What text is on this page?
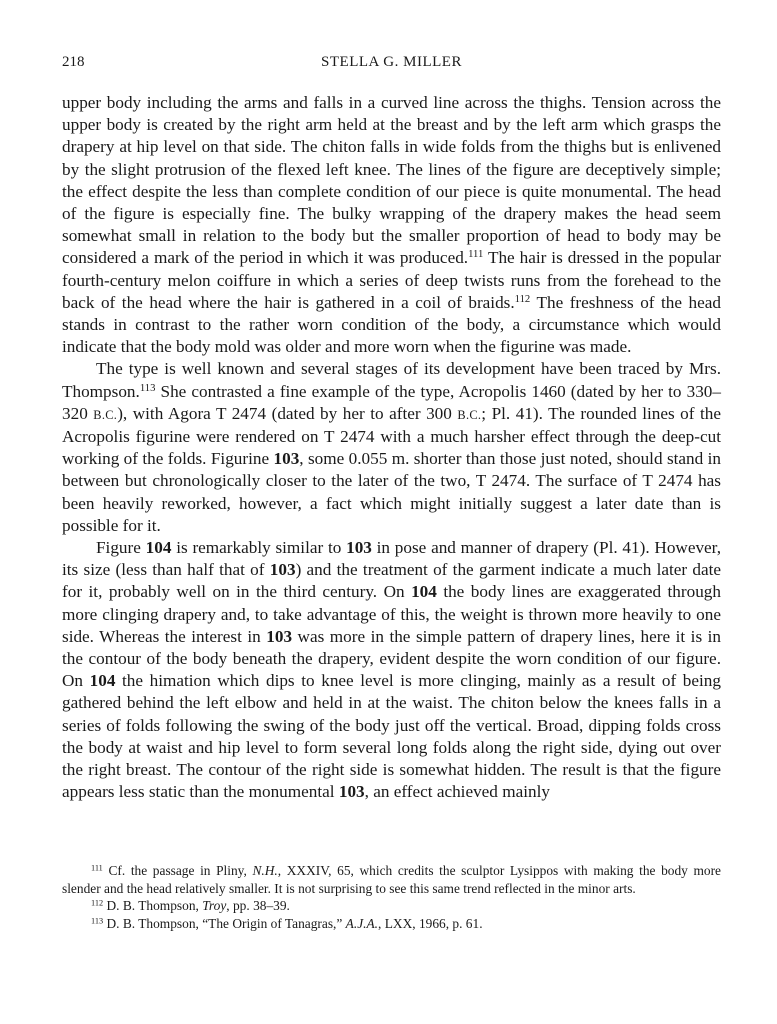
218	STELLA G. MILLER

upper body including the arms and falls in a curved line across the thighs. Tension across the upper body is created by the right arm held at the breast and by the left arm which grasps the drapery at hip level on that side. The chiton falls in wide folds from the thighs but is enlivened by the slight protrusion of the flexed left knee. The lines of the figure are deceptively simple; the effect despite the less than complete condition of our piece is quite monumental. The head of the figure is especially fine. The bulky wrapping of the drapery makes the head seem somewhat small in relation to the body but the smaller proportion of head to body may be considered a mark of the period in which it was produced.$^{111}$ The hair is dressed in the popular fourth-century melon coiffure in which a series of deep twists runs from the forehead to the back of the head where the hair is gathered in a coil of braids.$^{112}$ The freshness of the head stands in contrast to the rather worn condition of the body, a circumstance which would indicate that the body mold was older and more worn when the figurine was made.

The type is well known and several stages of its development have been traced by Mrs. Thompson.$^{113}$ She contrasted a fine example of the type, Acropolis 1460 (dated by her to 330–320 B.C.), with Agora T 2474 (dated by her to after 300 B.C.; Pl. 41). The rounded lines of the Acropolis figurine were rendered on T 2474 with a much harsher effect through the deep-cut working of the folds. Figurine 103, some 0.055 m. shorter than those just noted, should stand in between but chronologically closer to the later of the two, T 2474. The surface of T 2474 has been heavily reworked, however, a fact which might initially suggest a later date than is possible for it.

Figure 104 is remarkably similar to 103 in pose and manner of drapery (Pl. 41). However, its size (less than half that of 103) and the treatment of the garment indicate a much later date for it, probably well on in the third century. On 104 the body lines are exaggerated through more clinging drapery and, to take advantage of this, the weight is thrown more heavily to one side. Whereas the interest in 103 was more in the simple pattern of drapery lines, here it is in the contour of the body beneath the drapery, evident despite the worn condition of our figure. On 104 the himation which dips to knee level is more clinging, mainly as a result of being gathered behind the left elbow and held in at the waist. The chiton below the knees falls in a series of folds following the swing of the body just off the vertical. Broad, dipping folds cross the body at waist and hip level to form several long folds along the right side, dying out over the right breast. The contour of the right side is somewhat hidden. The result is that the figure appears less static than the monumental 103, an effect achieved mainly

$^{111}$ Cf. the passage in Pliny, N.H., XXXIV, 65, which credits the sculptor Lysippos with making the body more slender and the head relatively smaller. It is not surprising to see this same trend reflected in the minor arts.

$^{112}$ D. B. Thompson, Troy, pp. 38–39.

$^{113}$ D. B. Thompson, “The Origin of Tanagras,” A.J.A., LXX, 1966, p. 61.
